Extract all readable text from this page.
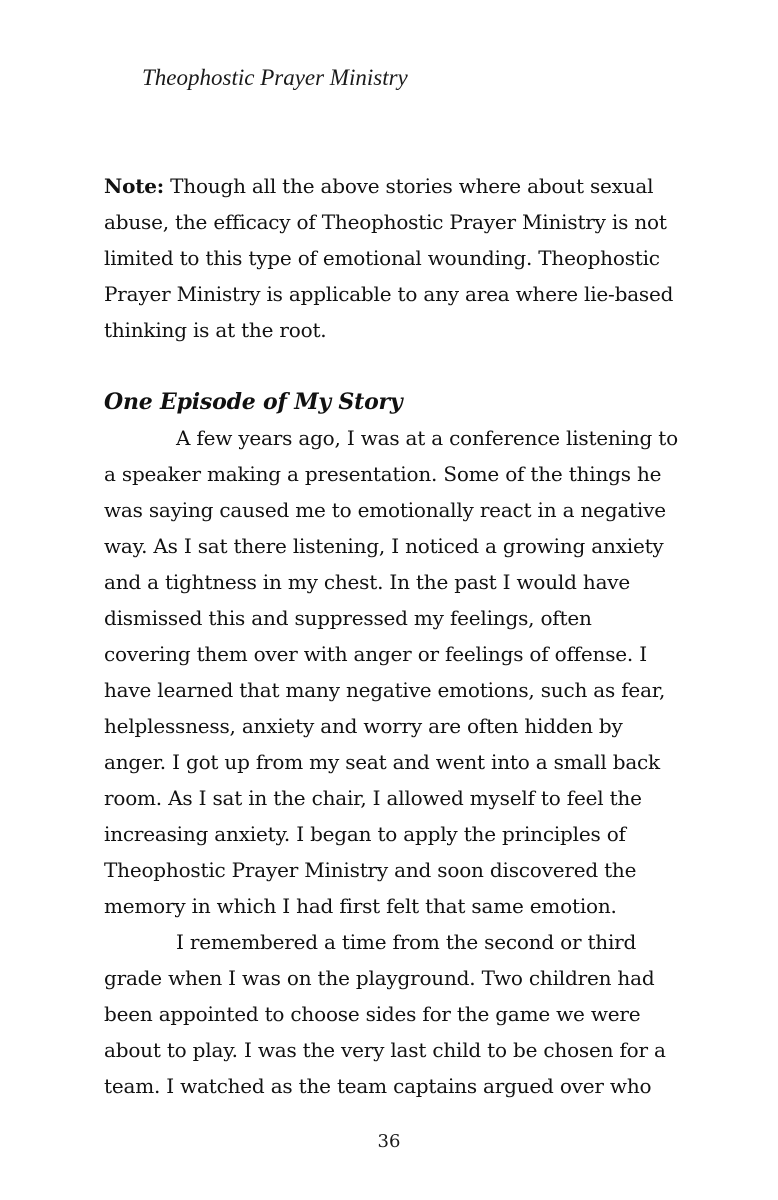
Theophostic Prayer Ministry
Note: Though all the above stories where about sexual
abuse, the efficacy of Theophostic Prayer Ministry is not
limited to this type of emotional wounding. Theophostic
Prayer Ministry is applicable to any area where lie-based
thinking is at the root.
One Episode of My Story
A few years ago, I was at a conference listening to
a speaker making a presentation. Some of the things he
was saying caused me to emotionally react in a negative
way. As I sat there listening, I noticed a growing anxiety
and a tightness in my chest. In the past I would have
dismissed this and suppressed my feelings, often
covering them over with anger or feelings of offense. I
have learned that many negative emotions, such as fear,
helplessness, anxiety and worry are often hidden by
anger. I got up from my seat and went into a small back
room. As I sat in the chair, I allowed myself to feel the
increasing anxiety. I began to apply the principles of
Theophostic Prayer Ministry and soon discovered the
memory in which I had first felt that same emotion.
I remembered a time from the second or third
grade when I was on the playground. Two children had
been appointed to choose sides for the game we were
about to play. I was the very last child to be chosen for a
team. I watched as the team captains argued over who
36
